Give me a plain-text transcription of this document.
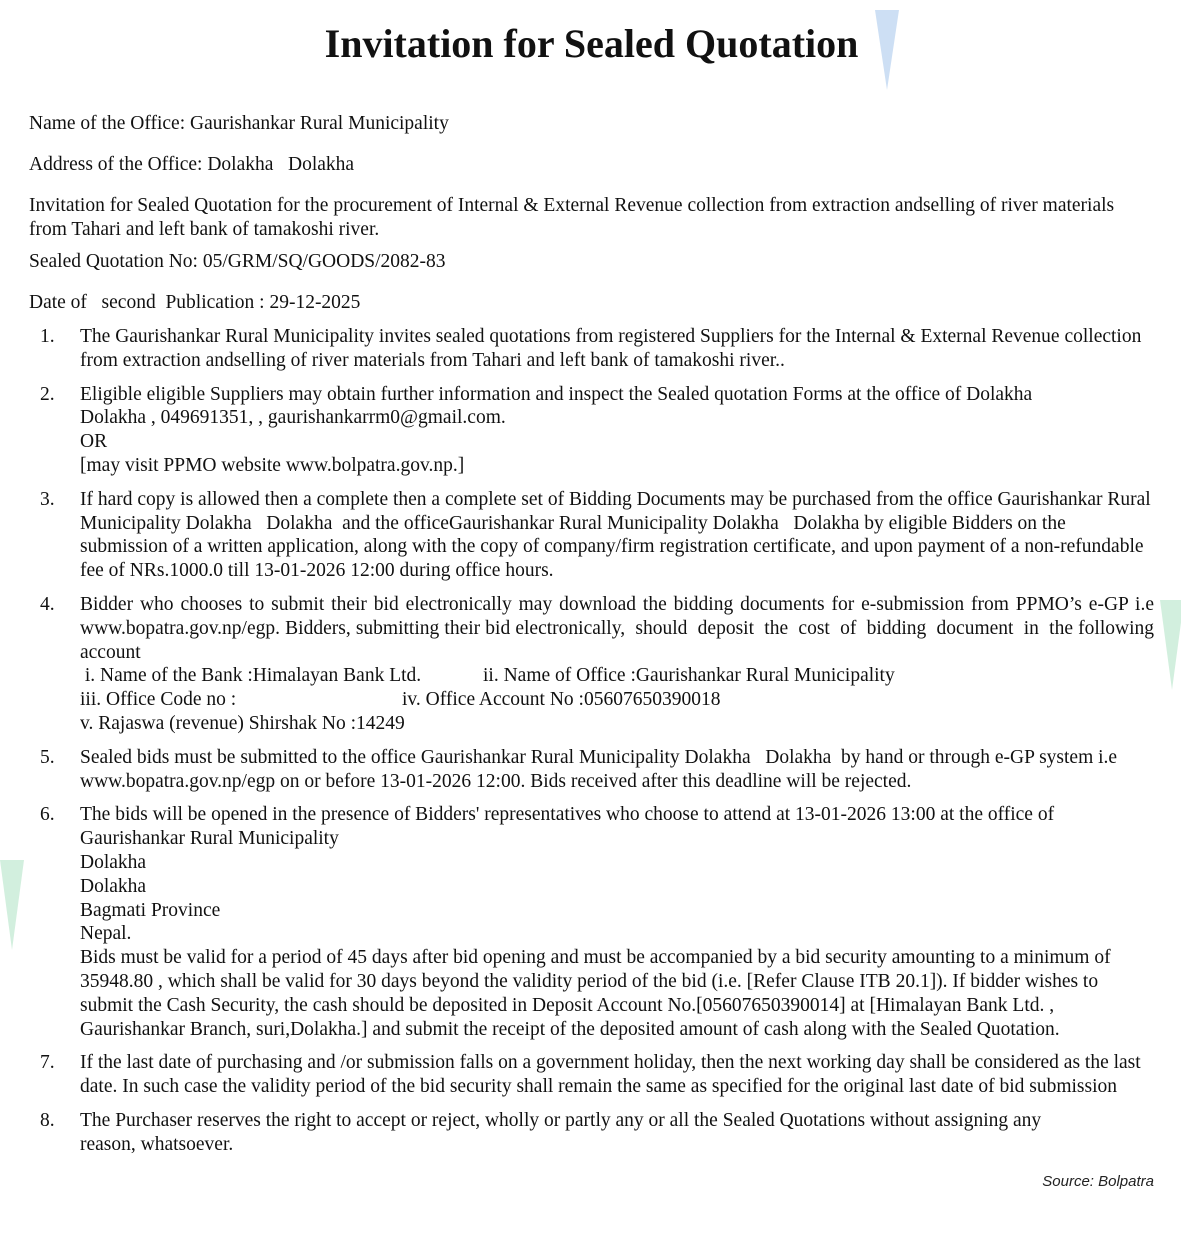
Invitation for Sealed Quotation
Name of the Office: Gaurishankar Rural Municipality
Address of the Office: Dolakha   Dolakha
Invitation for Sealed Quotation for the procurement of Internal & External Revenue collection from extraction andselling of river materials from Tahari and left bank of tamakoshi river.
Sealed Quotation No: 05/GRM/SQ/GOODS/2082-83
Date of   second  Publication : 29-12-2025
1.	The Gaurishankar Rural Municipality invites sealed quotations from registered Suppliers for the Internal & External Revenue collection from extraction andselling of river materials from Tahari and left bank of tamakoshi river..
2.	Eligible eligible Suppliers may obtain further information and inspect the Sealed quotation Forms at the office of Dolakha Dolakha , 049691351, , gaurishankarrm0@gmail.com.
OR
[may visit PPMO website www.bolpatra.gov.np.]
3.	If hard copy is allowed then a complete then a complete set of Bidding Documents may be purchased from the office Gaurishankar Rural Municipality Dolakha   Dolakha  and the officeGaurishankar Rural Municipality Dolakha   Dolakha by eligible Bidders on the submission of a written application, along with the copy of company/firm registration certificate, and upon payment of a non-refundable fee of NRs.1000.0 till 13-01-2026 12:00 during office hours.
4.	Bidder who chooses to submit their bid electronically may download the bidding documents for e-submission from PPMO’s e-GP i.e www.bopatra.gov.np/egp. Bidders, submitting their bid electronically,  should  deposit  the  cost  of  bidding  document  in  the following account
i. Name of the Bank :Himalayan Bank Ltd.	ii. Name of Office :Gaurishankar Rural Municipality
iii. Office Code no :	iv. Office Account No :05607650390018
v. Rajaswa (revenue) Shirshak No :14249
5.	Sealed bids must be submitted to the office Gaurishankar Rural Municipality Dolakha   Dolakha  by hand or through e-GP system i.e www.bopatra.gov.np/egp on or before 13-01-2026 12:00. Bids received after this deadline will be rejected.
6.	The bids will be opened in the presence of Bidders' representatives who choose to attend at 13-01-2026 13:00 at the office of
Gaurishankar Rural Municipality
Dolakha
Dolakha
Bagmati Province
Nepal.
Bids must be valid for a period of 45 days after bid opening and must be accompanied by a bid security amounting to a minimum of 35948.80 , which shall be valid for 30 days beyond the validity period of the bid (i.e. [Refer Clause ITB 20.1]). If bidder wishes to submit the Cash Security, the cash should be deposited in Deposit Account No.[05607650390014] at [Himalayan Bank Ltd. , Gaurishankar Branch, suri,Dolakha.] and submit the receipt of the deposited amount of cash along with the Sealed Quotation.
7.	If the last date of purchasing and /or submission falls on a government holiday, then the next working day shall be considered as the last date. In such case the validity period of the bid security shall remain the same as specified for the original last date of bid submission
8.	The Purchaser reserves the right to accept or reject, wholly or partly any or all the Sealed Quotations without assigning any reason, whatsoever.
Source: Bolpatra
